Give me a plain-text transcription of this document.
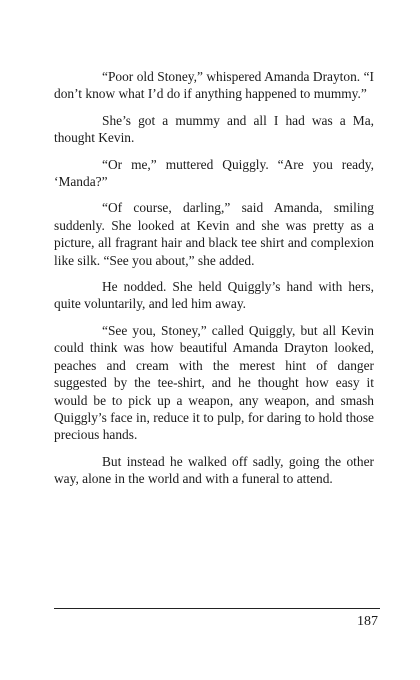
“Poor old Stoney,” whispered Amanda Drayton. “I don’t know what I’d do if anything happened to mummy.”

She’s got a mummy and all I had was a Ma, thought Kevin.

“Or me,” muttered Quiggly. “Are you ready, ‘Manda?”

“Of course, darling,” said Amanda, smiling suddenly. She looked at Kevin and she was pretty as a picture, all fragrant hair and black tee shirt and complexion like silk. “See you about,” she added.

He nodded. She held Quiggly’s hand with hers, quite voluntarily, and led him away.

“See you, Stoney,” called Quiggly, but all Kevin could think was how beautiful Amanda Drayton looked, peaches and cream with the merest hint of danger suggested by the tee-shirt, and he thought how easy it would be to pick up a weapon, any weapon, and smash Quiggly’s face in, reduce it to pulp, for daring to hold those precious hands.

But instead he walked off sadly, going the other way, alone in the world and with a funeral to attend.

187
